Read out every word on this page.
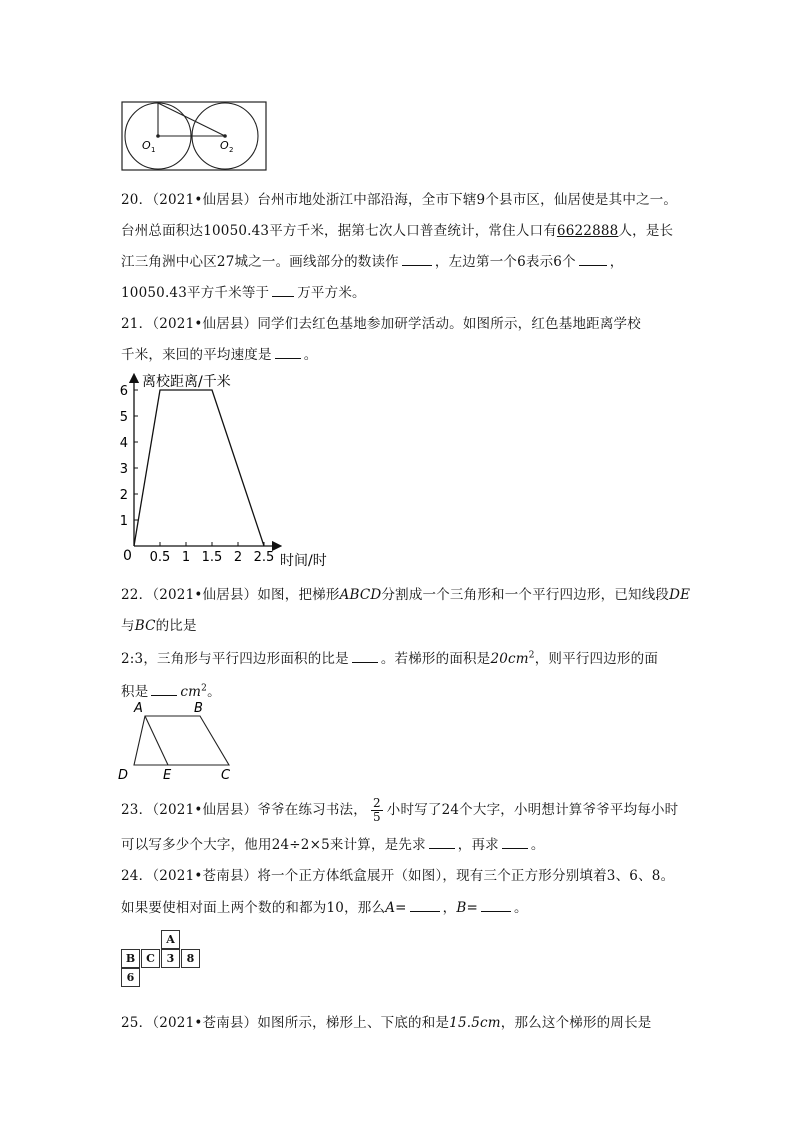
O 1	O 2
20．（2021•仙居县）台州市地处浙江中部沿海，全市下辖9个县市区，仙居使是其中之一。
台州总面积达10050.43平方千米，据第七次人口普查统计，常住人口有6622888人，是长
江三角洲中心区27城之一。画线部分的数读作	，左边第一个6表示6个	，
10050.43平方千米等于 万平方米。
21．（2021•仙居县）同学们去红色基地参加研学活动。如图所示，红色基地距离学校
千米，来回的平均速度是 。
0.5 1 1.5 2 2.5
1
2
3
4
5
6
离校距离/千米
时间/时
0
22．（2021•仙居县）如图，把梯形ABCD分割成一个三角形和一个平行四边形，已知线段DE
与BC的比是
2:3，三角形与平行四边形面积的比是 。若梯形的面积是$20cm^2$，则平行四边形的面
积是 $cm^2$。
A	B
C
D	E
23．（2021•仙居县）爷爷在练习书法， $\frac{2}{5}$ 小时写了24个大字，小明想计算爷爷平均每小时
可以写多少个大字，他用24÷2×5来计算，是先求 ，再求 。
24．（2021•苍南县）将一个正方体纸盒展开（如图），现有三个正方形分别填着3、6、8。
如果要使相对面上两个数的和都为10，那么A=	，B=	。
A
B C	3	8
6
25．（2021•苍南县）如图所示，梯形上、下底的和是15.5cm，那么这个梯形的周长是
